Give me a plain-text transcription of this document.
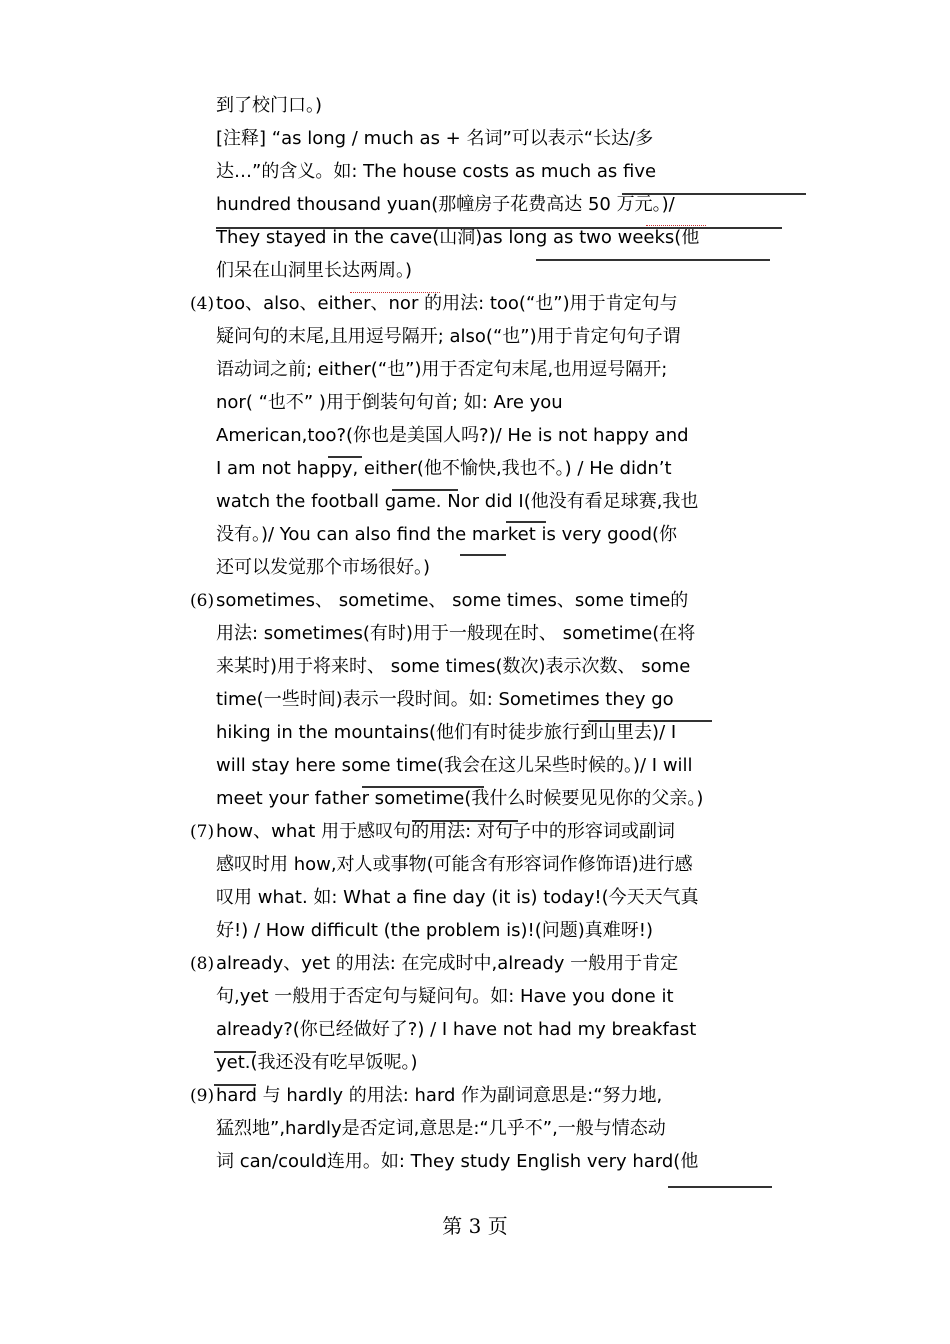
到了校门口。)
[注释] “as long / much as + 名词”可以表示“长达/多
达…”的含义。如: The house costs as much as five
hundred thousand yuan(那幢房子花费高达 50 万元。)/
They stayed in the cave(山洞)as long as two weeks(他
们呆在山洞里长达两周。)
(4) too、also、either、nor 的用法: too(“也”)用于肯定句与
疑问句的末尾,且用逗号隔开; also(“也”)用于肯定句句子谓
语动词之前; either(“也”)用于否定句末尾,也用逗号隔开;
nor( “也不” )用于倒装句句首; 如: Are you
American,too?(你也是美国人吗?)/ He is not happy and
I am not happy, either(他不愉快,我也不。) / He didn’t
watch the football game. Nor did I(他没有看足球赛,我也
没有。)/ You can also find the market is very good(你
还可以发觉那个市场很好。)
(6) sometimes、 sometime、 some times、some time的
用法: sometimes(有时)用于一般现在时、 sometime(在将
来某时)用于将来时、 some times(数次)表示次数、 some
time(一些时间)表示一段时间。如: Sometimes they go
hiking in the mountains(他们有时徒步旅行到山里去)/ I
will stay here some time(我会在这儿呆些时候的。)/ I will
meet your father sometime(我什么时候要见见你的父亲。)
(7) how、what 用于感叹句的用法: 对句子中的形容词或副词
感叹时用 how,对人或事物(可能含有形容词作修饰语)进行感
叹用 what. 如: What a fine day (it is) today!(今天天气真
好!) / How difficult (the problem is)!(问题)真难呀!)
(8) already、yet 的用法: 在完成时中,already 一般用于肯定
句,yet 一般用于否定句与疑问句。如: Have you done it
already?(你已经做好了?) / I have not had my breakfast
yet.(我还没有吃早饭呢。)
(9) hard 与 hardly 的用法: hard 作为副词意思是:“努力地,
猛烈地”,hardly是否定词,意思是:“几乎不”,一般与情态动
词 can/could连用。如: They study English very hard(他
第 3 页
